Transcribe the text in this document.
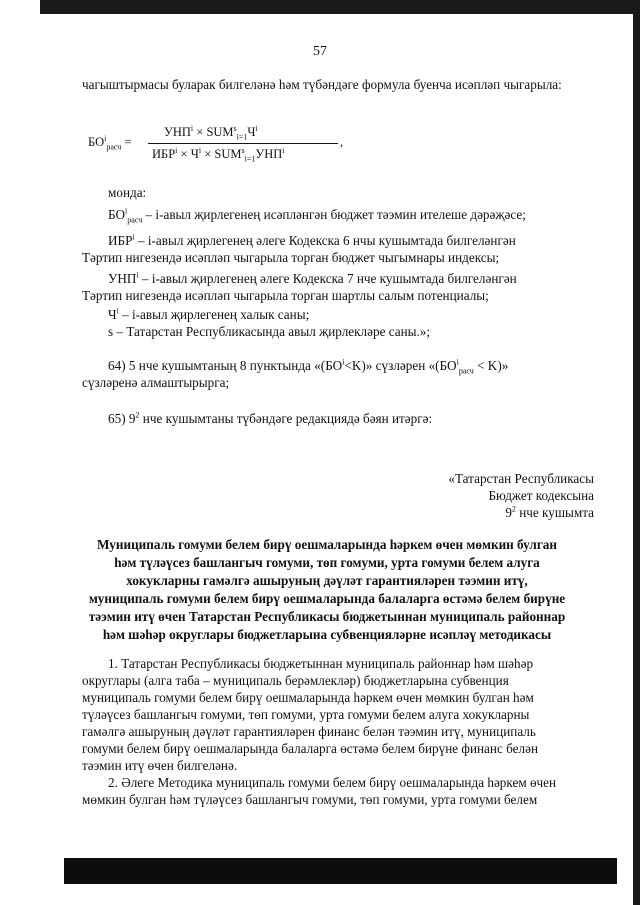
57

чагыштырмасы буларак билгеләнә һәм түбәндәге формула буенча исәпләп чыгарыла:

$БО^i_{расч}$ =
$УНП^i \times SUM^s_{i=1}Ч^i$
$ИБР^i \times Ч^i \times SUM^s_{i=1}УНП^i$
,
монда:
$БО^i_{расч}$ – i-авыл җирлегенең исәпләнгән бюджет тәэмин ителеше дәрәҗәсе;
ИБР$^i$ – i-авыл җирлегенең әлеге Кодекска 6 нчы кушымтада билгеләнгән
Тәртип нигезендә исәпләп чыгарыла торган бюджет чыгымнары индексы;
УНП$^i$ – i-авыл җирлегенең әлеге Кодекска 7 нче кушымтада билгеләнгән
Тәртип нигезендә исәпләп чыгарыла торган шартлы салым потенциалы;
$Ч^i$ – i-авыл җирлегенең халык саны;
s – Татарстан Республикасында авыл җирлекләре саны.»;
64) 5 нче кушымтаның 8 пунктында «$(БО^i<K)$» сүзләрен «$(БО^i_{расч} < K)$»
сүзләренә алмаштырырга;
65) $9^2$ нче кушымтаны түбәндәге редакциядә бәян итәргә:
«Татарстан Республикасы
Бюджет кодексына
$9^2$ нче кушымта
Муниципаль гомуми белем бирү оешмаларында һәркем өчен мөмкин булган
һәм түләүсез башлангыч гомуми, төп гомуми, урта гомуми белем алуга
хокукларны гамәлгә ашыруның дәүләт гарантияләрен тәэмин итү,
муниципаль гомуми белем бирү оешмаларында балаларга өстәмә белем бирүне
тәэмин итү өчен Татарстан Республикасы бюджетыннан муниципаль районнар
һәм шәһәр округлары бюджетларына субвенцияләрне исәпләү методикасы
1. Татарстан Республикасы бюджетыннан муниципаль районнар һәм шәһәр
округлары (алга таба – муниципаль берәмлекләр) бюджетларына субвенция
муниципаль гомуми белем бирү оешмаларында һәркем өчен мөмкин булган һәм
түләүсез башлангыч гомуми, төп гомуми, урта гомуми белем алуга хокукларны
гамәлгә ашыруның дәүләт гарантияләрен финанс белән тәэмин итү, муниципаль
гомуми белем бирү оешмаларында балаларга өстәмә белем бирүне финанс белән
тәэмин итү өчен билгеләнә.
2. Әлеге Методика муниципаль гомуми белем бирү оешмаларында һәркем өчен
мөмкин булган һәм түләүсез башлангыч гомуми, төп гомуми, урта гомуми белем
